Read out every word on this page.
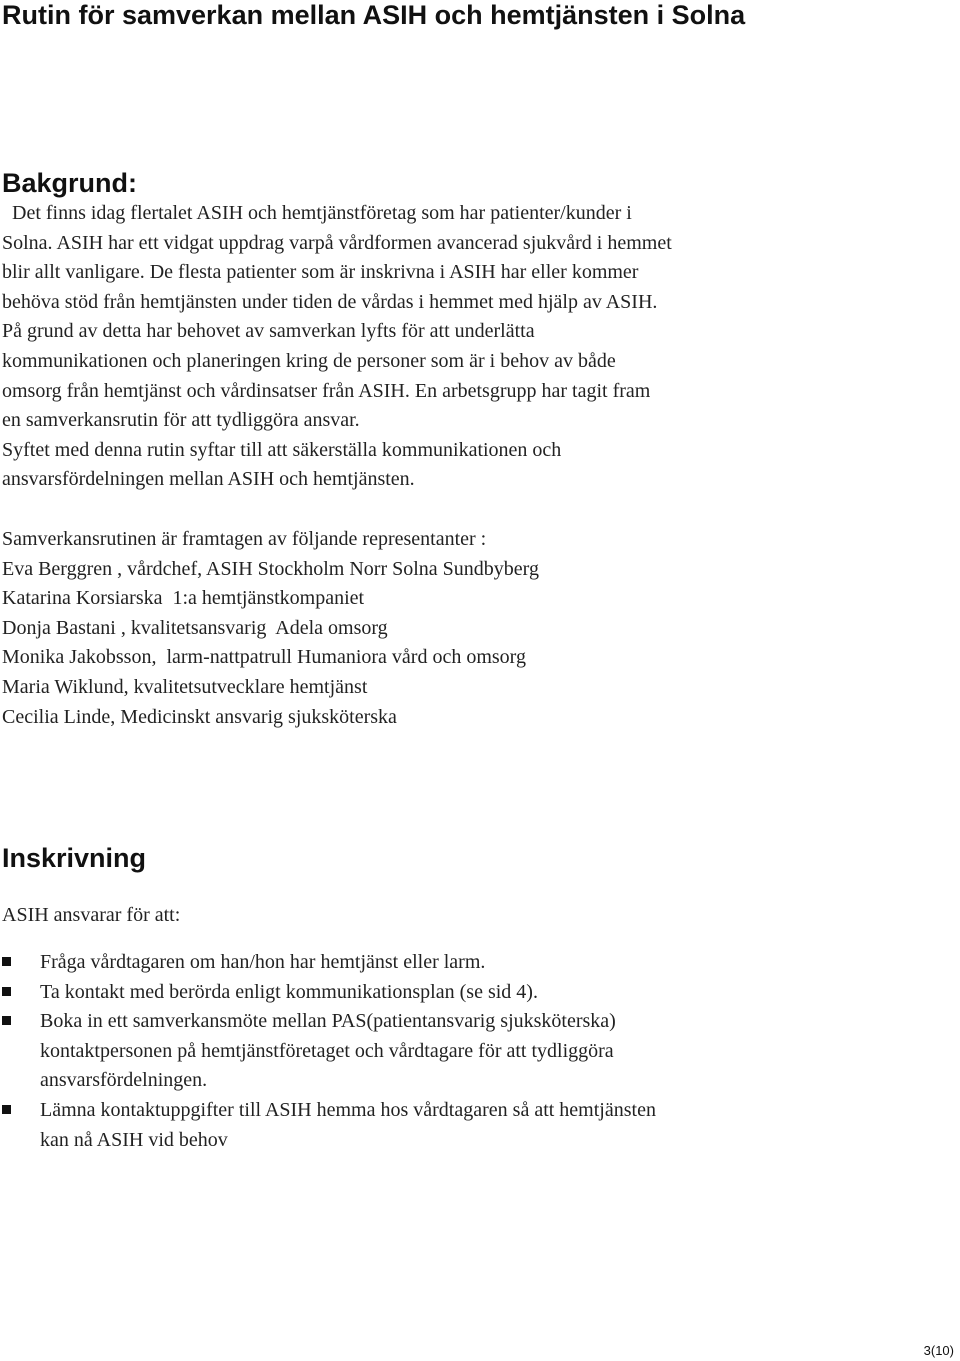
Rutin för samverkan mellan ASIH och hemtjänsten i Solna
Bakgrund:

Det finns idag flertalet ASIH och hemtjänstföretag som har patienter/kunder i
Solna. ASIH har ett vidgat uppdrag varpå vårdformen avancerad sjukvård i hemmet
blir allt vanligare. De flesta patienter som är inskrivna i ASIH har eller kommer
behöva stöd från hemtjänsten under tiden de vårdas i hemmet med hjälp av ASIH.
På grund av detta har behovet av samverkan lyfts för att underlätta
kommunikationen och planeringen kring de personer som är i behov av både
omsorg från hemtjänst och vårdinsatser från ASIH. En arbetsgrupp har tagit fram
en samverkansrutin för att tydliggöra ansvar.
Syftet med denna rutin syftar till att säkerställa kommunikationen och
ansvarsfördelningen mellan ASIH och hemtjänsten.

Samverkansrutinen är framtagen av följande representanter :
Eva Berggren , vårdchef, ASIH Stockholm Norr Solna Sundbyberg
Katarina Korsiarska  1:a hemtjänstkompaniet
Donja Bastani , kvalitetsansvarig  Adela omsorg
Monika Jakobsson,  larm-nattpatrull Humaniora vård och omsorg
Maria Wiklund, kvalitetsutvecklare hemtjänst
Cecilia Linde, Medicinskt ansvarig sjuksköterska
Inskrivning
ASIH ansvarar för att:
Fråga vårdtagaren om han/hon har hemtjänst eller larm.
Ta kontakt med berörda enligt kommunikationsplan (se sid 4).
Boka in ett samverkansmöte mellan PAS(patientansvarig sjuksköterska)
kontaktpersonen på hemtjänstföretaget och vårdtagare för att tydliggöra
ansvarsfördelningen.
Lämna kontaktuppgifter till ASIH hemma hos vårdtagaren så att hemtjänsten
kan nå ASIH vid behov
3(10)
